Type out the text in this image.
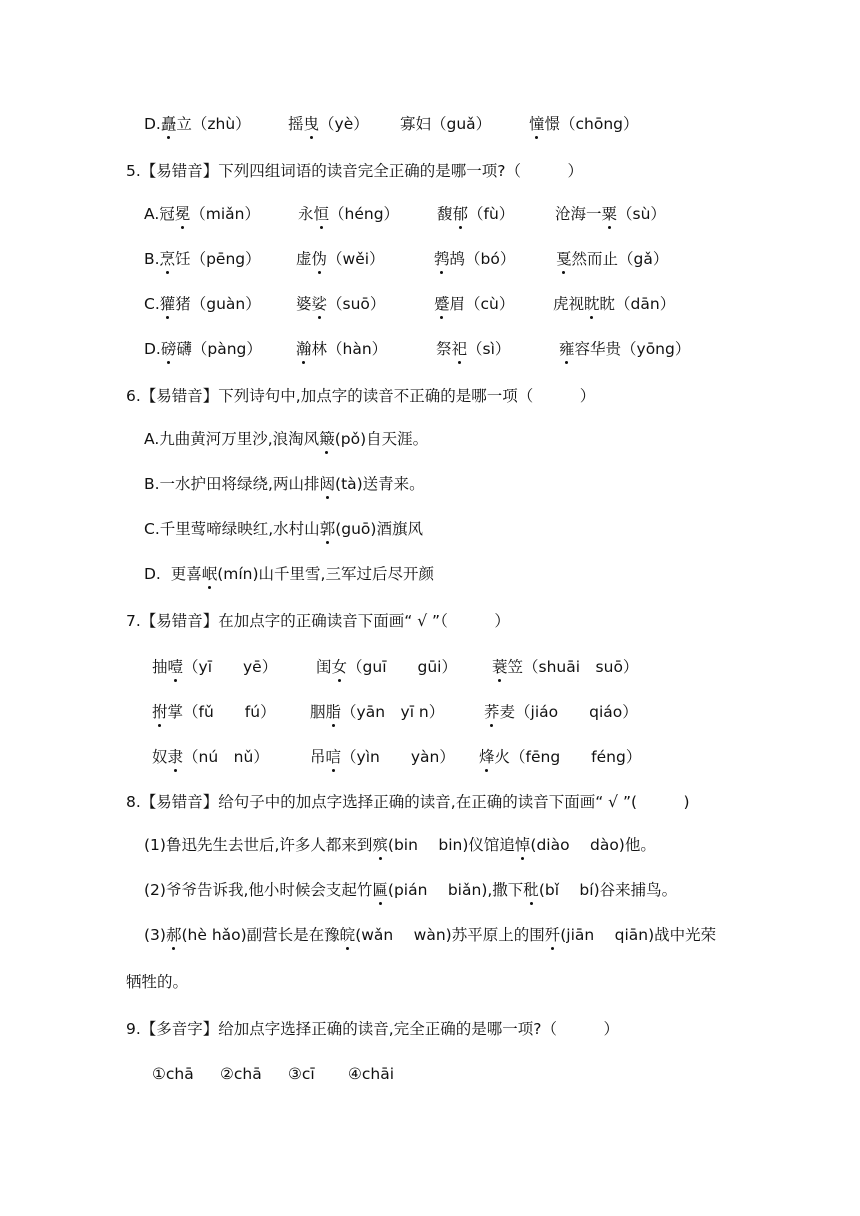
D.矗立（zhù） 摇曳（yè） 寡妇（guǎ） 憧憬（chōng）
5.【易错音】下列四组词语的读音完全正确的是哪一项?（　　　）
A.冠冕（miǎn） 永恒（héng） 馥郁（fù）	沧海一粟（sù）
B.烹饪（pēng） 虚伪（wěi）	鹁鸪（bó）	戛然而止（gǎ）
C.獾猪（guàn） 婆娑（suō）	蹙眉（cù） 虎视眈眈（dān）
D.磅礴（pàng） 瀚林（hàn）	祭祀（sì）	雍容华贵（yōng）
6.【易错音】下列诗句中,加点字的读音不正确的是哪一项（　　　）
A.九曲黄河万里沙,浪淘风簸(pǒ)自天涯。
B.一水护田将绿绕,两山排闼(tà)送青来。
C.千里莺啼绿映红,水村山郭(guō)酒旗风
D.  更喜岷(mín)山千里雪,三军过后尽开颜
7.【易错音】在加点字的正确读音下面画“ √ ”（　　　）
抽噎（yī　　yē）	闺女（guī　　gūi） 蓑笠（shuāi　suō）
拊掌（fǔ　　fú） 胭脂（yān　yī n）	荞麦（jiáo　　qiáo）
奴隶（nú　nǔ）	吊唁（yìn　　yàn） 烽火（fēng　　féng）
8.【易错音】给句子中的加点字选择正确的读音,在正确的读音下面画“ √ ”(　　　)
(1)鲁迅先生去世后,许多人都来到殡(bin　 bin)仪馆追悼(diào　 dào)他。
(2)爷爷告诉我,他小时候会支起竹匾(pián　 biǎn),撒下秕(bǐ　 bí)谷来捕鸟。
(3)郝(hè hǎo)副营长是在豫皖(wǎn　 wàn)苏平原上的围歼(jiān　 qiān)战中光荣
牺牲的。
9.【多音字】给加点字选择正确的读音,完全正确的是哪一项?（　　　）
①chā ②chā ③cī ④chāi
